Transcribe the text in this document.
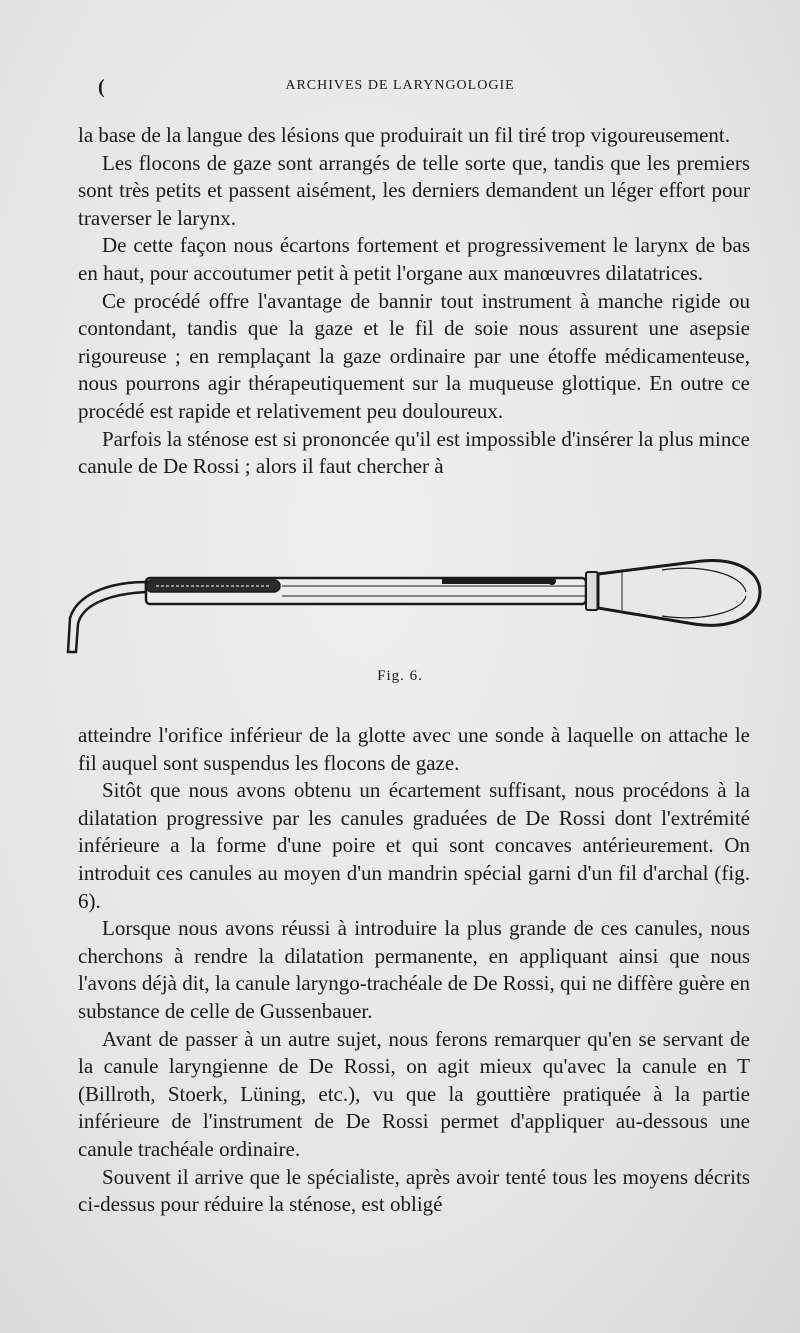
(	ARCHIVES DE LARYNGOLOGIE

la base de la langue des lésions que produirait un fil tiré trop vigoureusement.

Les flocons de gaze sont arrangés de telle sorte que, tandis que les premiers sont très petits et passent aisément, les derniers demandent un léger effort pour traverser le larynx.

De cette façon nous écartons fortement et progressivement le larynx de bas en haut, pour accoutumer petit à petit l'organe aux manœuvres dilatatrices.

Ce procédé offre l'avantage de bannir tout instrument à manche rigide ou contondant, tandis que la gaze et le fil de soie nous assurent une asepsie rigoureuse ; en remplaçant la gaze ordinaire par une étoffe médicamenteuse, nous pourrons agir thérapeutiquement sur la muqueuse glottique. En outre ce procédé est rapide et relativement peu douloureux.

Parfois la sténose est si prononcée qu'il est impossible d'insérer la plus mince canule de De Rossi ; alors il faut chercher à

Fig. 6.

atteindre l'orifice inférieur de la glotte avec une sonde à laquelle on attache le fil auquel sont suspendus les flocons de gaze.

Sitôt que nous avons obtenu un écartement suffisant, nous procédons à la dilatation progressive par les canules graduées de De Rossi dont l'extrémité inférieure a la forme d'une poire et qui sont concaves antérieurement. On introduit ces canules au moyen d'un mandrin spécial garni d'un fil d'archal (fig. 6).

Lorsque nous avons réussi à introduire la plus grande de ces canules, nous cherchons à rendre la dilatation permanente, en appliquant ainsi que nous l'avons déjà dit, la canule laryngo-trachéale de De Rossi, qui ne diffère guère en substance de celle de Gussenbauer.

Avant de passer à un autre sujet, nous ferons remarquer qu'en se servant de la canule laryngienne de De Rossi, on agit mieux qu'avec la canule en T (Billroth, Stoerk, Lüning, etc.), vu que la gouttière pratiquée à la partie inférieure de l'instrument de De Rossi permet d'appliquer au-dessous une canule trachéale ordinaire.

Souvent il arrive que le spécialiste, après avoir tenté tous les moyens décrits ci-dessus pour réduire la sténose, est obligé
